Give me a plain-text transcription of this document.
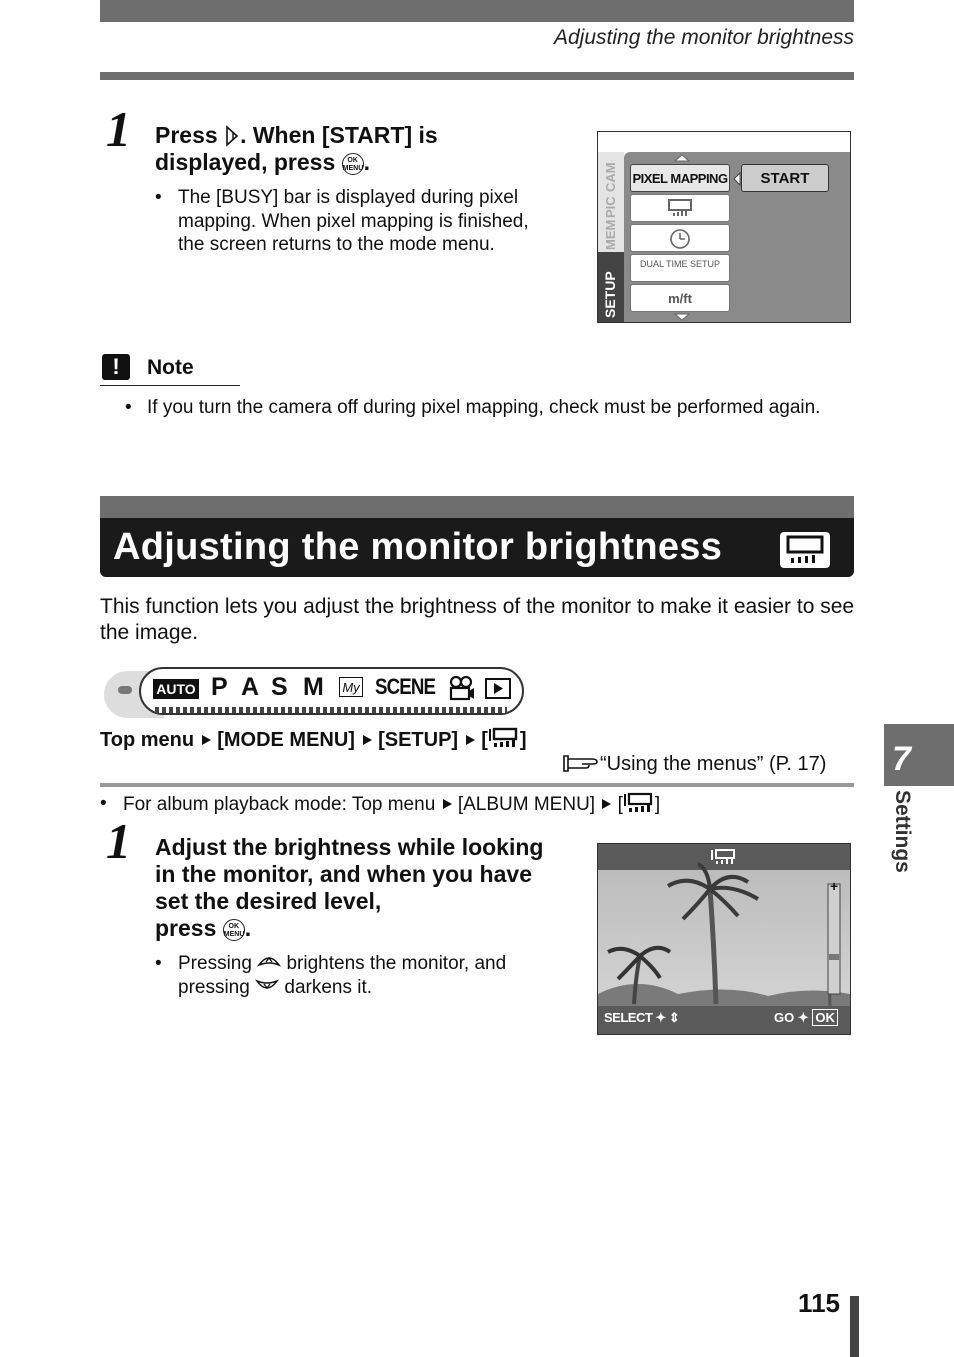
Adjusting the monitor brightness
1 Press . When [START] is
displayed, press OK
MENU.
• The [BUSY] bar is displayed during pixel mapping. When pixel mapping is finished, the screen returns to the mode menu.
SETUP
MEM
PIC
CAM PIXEL MAPPING	START
DUAL TIME SETUP
m/ft
!	Note
• If you turn the camera off during pixel mapping, check must be performed again.
Adjusting the monitor brightness
This function lets you adjust the brightness of the monitor to make it easier to see the image.
AUTO P A S M My SCENE
Top menu [MODE MENU] [SETUP] [ ]
“Using the menus” (P. 17)
• For album playback mode: Top menu [ALBUM MENU] [ ]
1 Adjust the brightness while looking in the monitor, and when you have set the desired level,
press OK
MENU.
• Pressing  brightens the monitor, and pressing  darkens it.
+
SELECT ✦ ⇕	GO ✦ OK
7
Settings
115
